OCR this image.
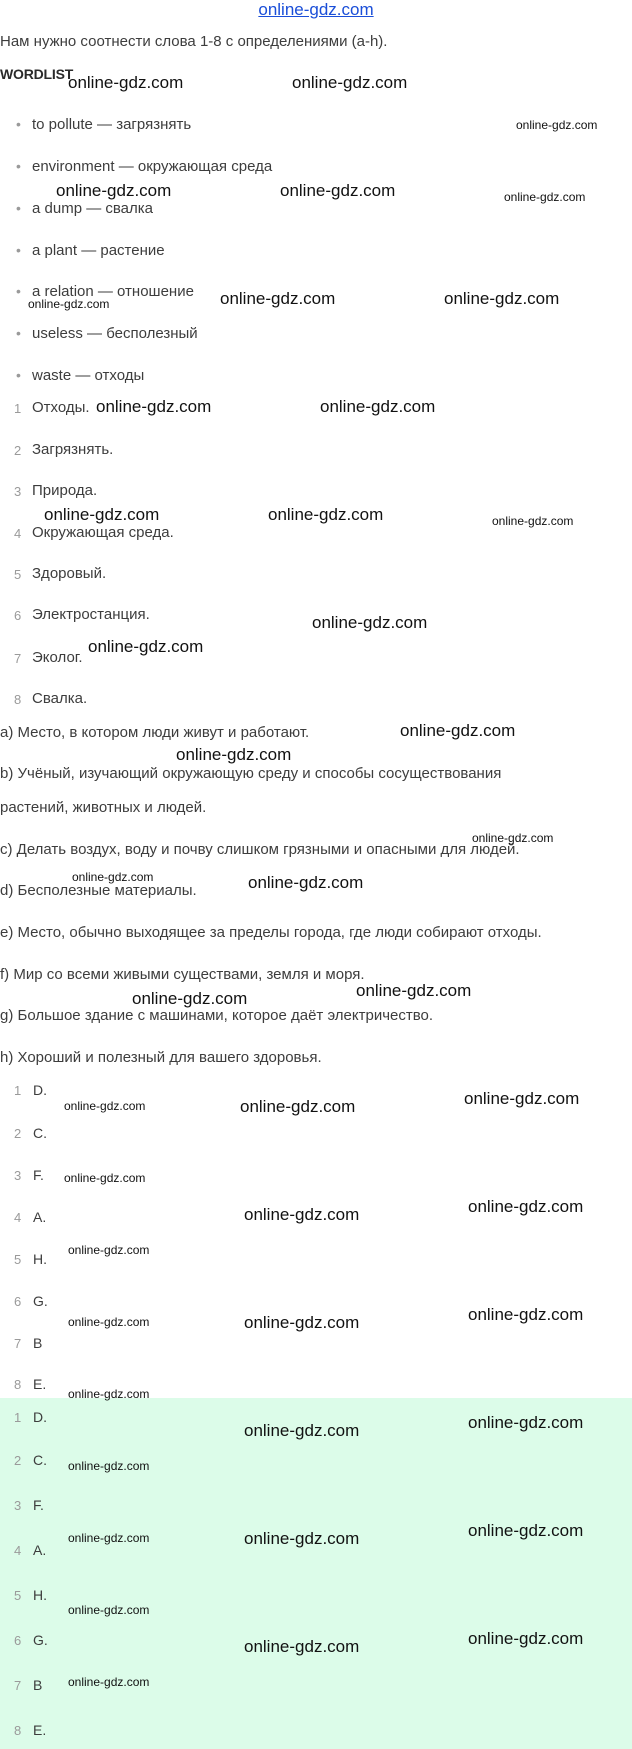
online-gdz.com
Нам нужно соотнести слова 1-8 с определениями (a-h).
WORDLIST
• to pollute — загрязнять
• environment — окружающая среда
• a dump — свалка
• a plant — растение
• a relation — отношение
• useless — бесполезный
• waste — отходы
1 Отходы.
2 Загрязнять.
3 Природа.
4 Окружающая среда.
5 Здоровый.
6 Электростанция.
7 Эколог.
8 Свалка.
a) Место, в котором люди живут и работают.
b) Учёный, изучающий окружающую среду и способы сосуществования
растений, животных и людей.
c) Делать воздух, воду и почву слишком грязными и опасными для людей.
d) Бесполезные материалы.
e) Место, обычно выходящее за пределы города, где люди собирают отходы.
f) Мир со всеми живыми существами, земля и моря.
g) Большое здание с машинами, которое даёт электричество.
h) Хороший и полезный для вашего здоровья.
1 D.
2 C.
3 F.
4 A.
5 H.
6 G.
7 B
8 E.
1 D.
2 C.
3 F.
4 A.
5 H.
6 G.
7 B
8 E.
online-gdz.com	online-gdz.com
online-gdz.com
online-gdz.com	online-gdz.com	online-gdz.com
online-gdz.com	online-gdz.com	online-gdz.com
online-gdz.com	online-gdz.com
online-gdz.com	online-gdz.com	online-gdz.com
online-gdz.com
online-gdz.com
online-gdz.com
online-gdz.com
online-gdz.com
online-gdz.com	online-gdz.com
online-gdz.com
online-gdz.com
online-gdz.com	online-gdz.com	online-gdz.com
online-gdz.com
online-gdz.com	online-gdz.com
online-gdz.com
online-gdz.com	online-gdz.com	online-gdz.com
online-gdz.com
online-gdz.com	online-gdz.com
online-gdz.com
online-gdz.com	online-gdz.com	online-gdz.com
online-gdz.com
online-gdz.com	online-gdz.com
online-gdz.com
